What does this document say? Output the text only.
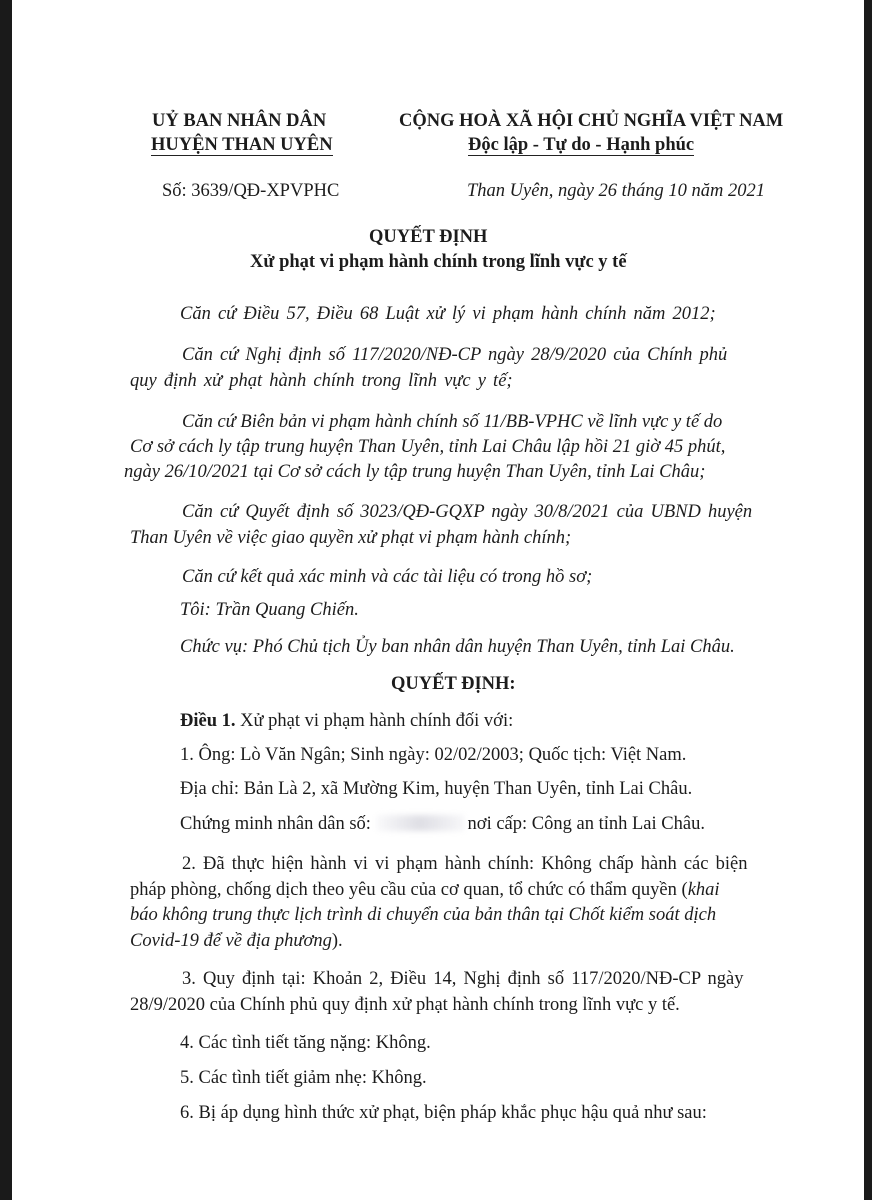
UỶ BAN NHÂN DÂN
HUYỆN THAN UYÊN
CỘNG HOÀ XÃ HỘI CHỦ NGHĨA VIỆT NAM
Độc lập - Tự do - Hạnh phúc
Số: 3639/QĐ-XPVPHC	Than Uyên, ngày 26 tháng 10 năm 2021
QUYẾT ĐỊNH
Xử phạt vi phạm hành chính trong lĩnh vực y tế
Căn cứ Điều 57, Điều 68 Luật xử lý vi phạm hành chính năm 2012;
Căn cứ Nghị định số 117/2020/NĐ-CP ngày 28/9/2020 của Chính phủ
quy định xử phạt hành chính trong lĩnh vực y tế;
Căn cứ Biên bản vi phạm hành chính số 11/BB-VPHC về lĩnh vực y tế do
Cơ sở cách ly tập trung huyện Than Uyên, tỉnh Lai Châu lập hồi 21 giờ 45 phút,
ngày 26/10/2021 tại Cơ sở cách ly tập trung huyện Than Uyên, tỉnh Lai Châu;
Căn cứ Quyết định số 3023/QĐ-GQXP ngày 30/8/2021 của UBND huyện
Than Uyên về việc giao quyền xử phạt vi phạm hành chính;
Căn cứ kết quả xác minh và các tài liệu có trong hồ sơ;
Tôi: Trần Quang Chiến.
Chức vụ: Phó Chủ tịch Ủy ban nhân dân huyện Than Uyên, tỉnh Lai Châu.
QUYẾT ĐỊNH:
Điều 1. Xử phạt vi phạm hành chính đối với:
1. Ông: Lò Văn Ngân; Sinh ngày: 02/02/2003; Quốc tịch: Việt Nam.
Địa chỉ: Bản Là 2, xã Mường Kim, huyện Than Uyên, tỉnh Lai Châu.
Chứng minh nhân dân số:	nơi cấp: Công an tỉnh Lai Châu.
2. Đã thực hiện hành vi vi phạm hành chính: Không chấp hành các biện
pháp phòng, chống dịch theo yêu cầu của cơ quan, tổ chức có thẩm quyền (khai
báo không trung thực lịch trình di chuyển của bản thân tại Chốt kiểm soát dịch
Covid-19 để về địa phương).
3. Quy định tại: Khoản 2, Điều 14, Nghị định số 117/2020/NĐ-CP ngày
28/9/2020 của Chính phủ quy định xử phạt hành chính trong lĩnh vực y tế.
4. Các tình tiết tăng nặng: Không.
5. Các tình tiết giảm nhẹ: Không.
6. Bị áp dụng hình thức xử phạt, biện pháp khắc phục hậu quả như sau:
